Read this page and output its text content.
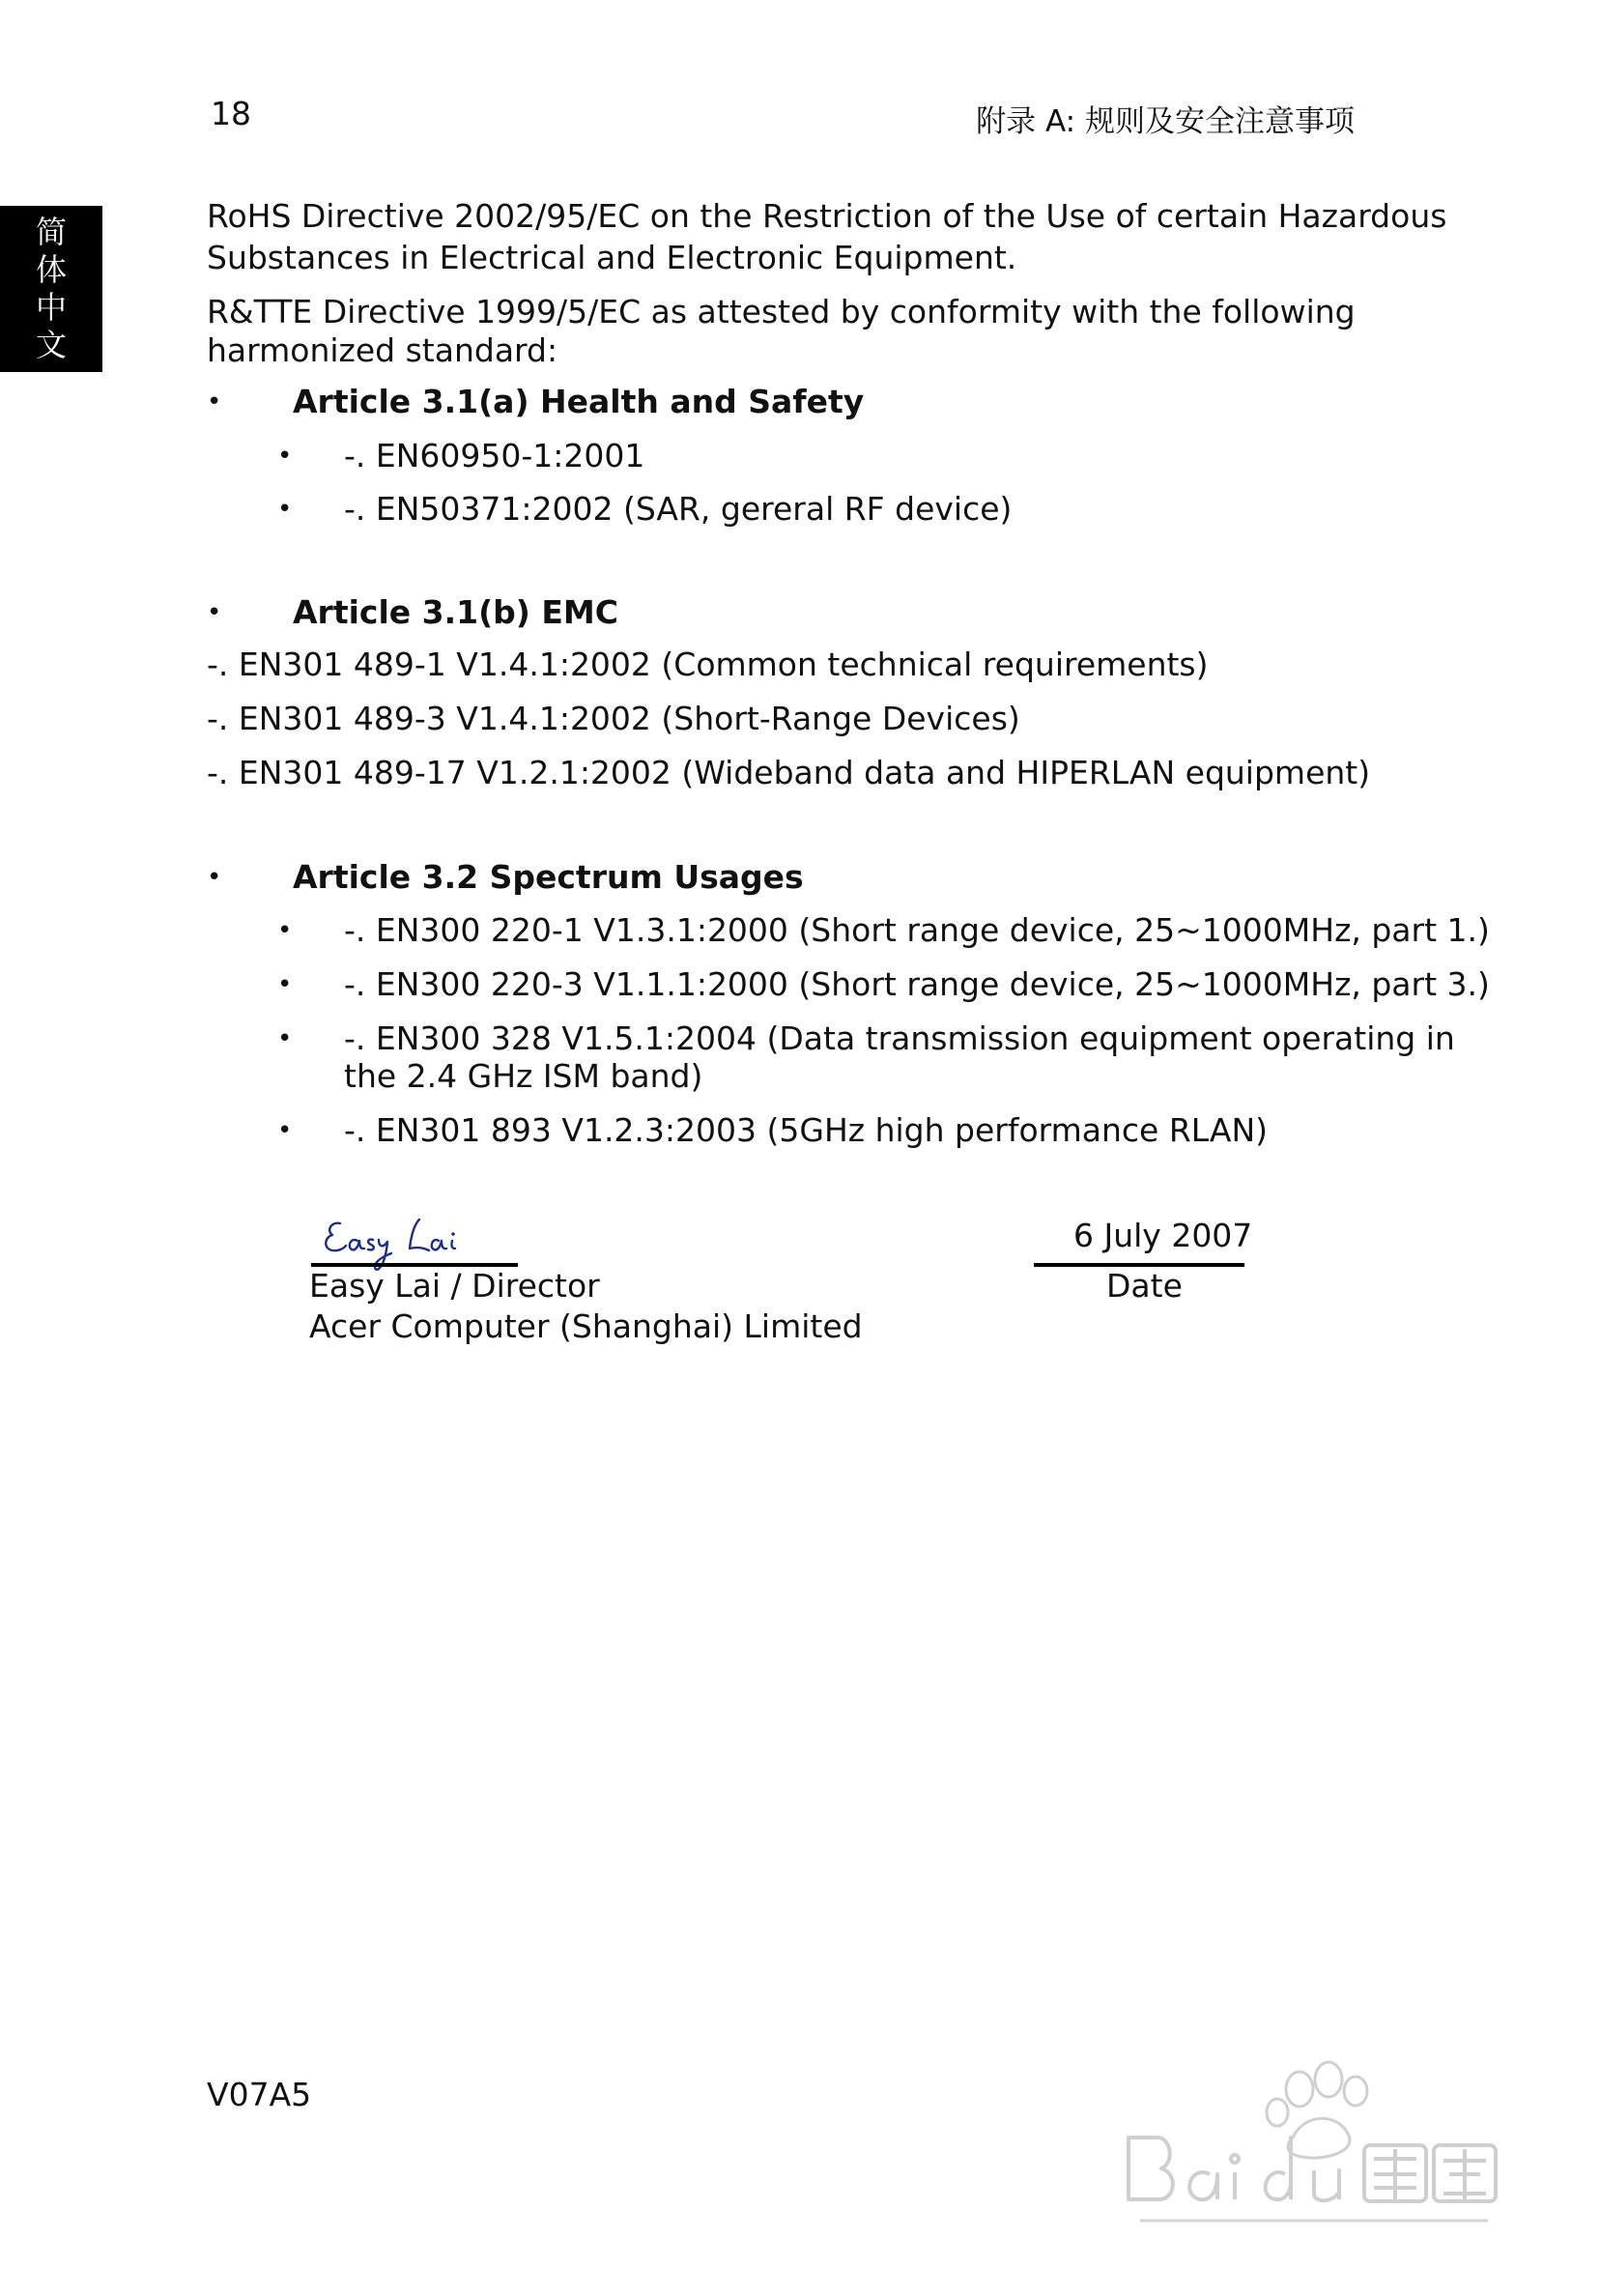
18	附录 A: 规则及安全注意事项
简
体
中
文
RoHS Directive 2002/95/EC on the Restriction of the Use of certain Hazardous
Substances in Electrical and Electronic Equipment.
R&TTE Directive 1999/5/EC as attested by conformity with the following
harmonized standard:
• Article 3.1(a) Health and Safety
• -. EN60950-1:2001
• -. EN50371:2002 (SAR, gereral RF device)
• Article 3.1(b) EMC
-. EN301 489-1 V1.4.1:2002 (Common technical requirements)
-. EN301 489-3 V1.4.1:2002 (Short-Range Devices)
-. EN301 489-17 V1.2.1:2002 (Wideband data and HIPERLAN equipment)
• Article 3.2 Spectrum Usages
• -. EN300 220-1 V1.3.1:2000 (Short range device, 25~1000MHz, part 1.)
• -. EN300 220-3 V1.1.1:2000 (Short range device, 25~1000MHz, part 3.)
• -. EN300 328 V1.5.1:2004 (Data transmission equipment operating in
the 2.4 GHz ISM band)
• -. EN301 893 V1.2.3:2003 (5GHz high performance RLAN)
Easy Lai / Director
Acer Computer (Shanghai) Limited
6 July 2007
Date
V07A5
